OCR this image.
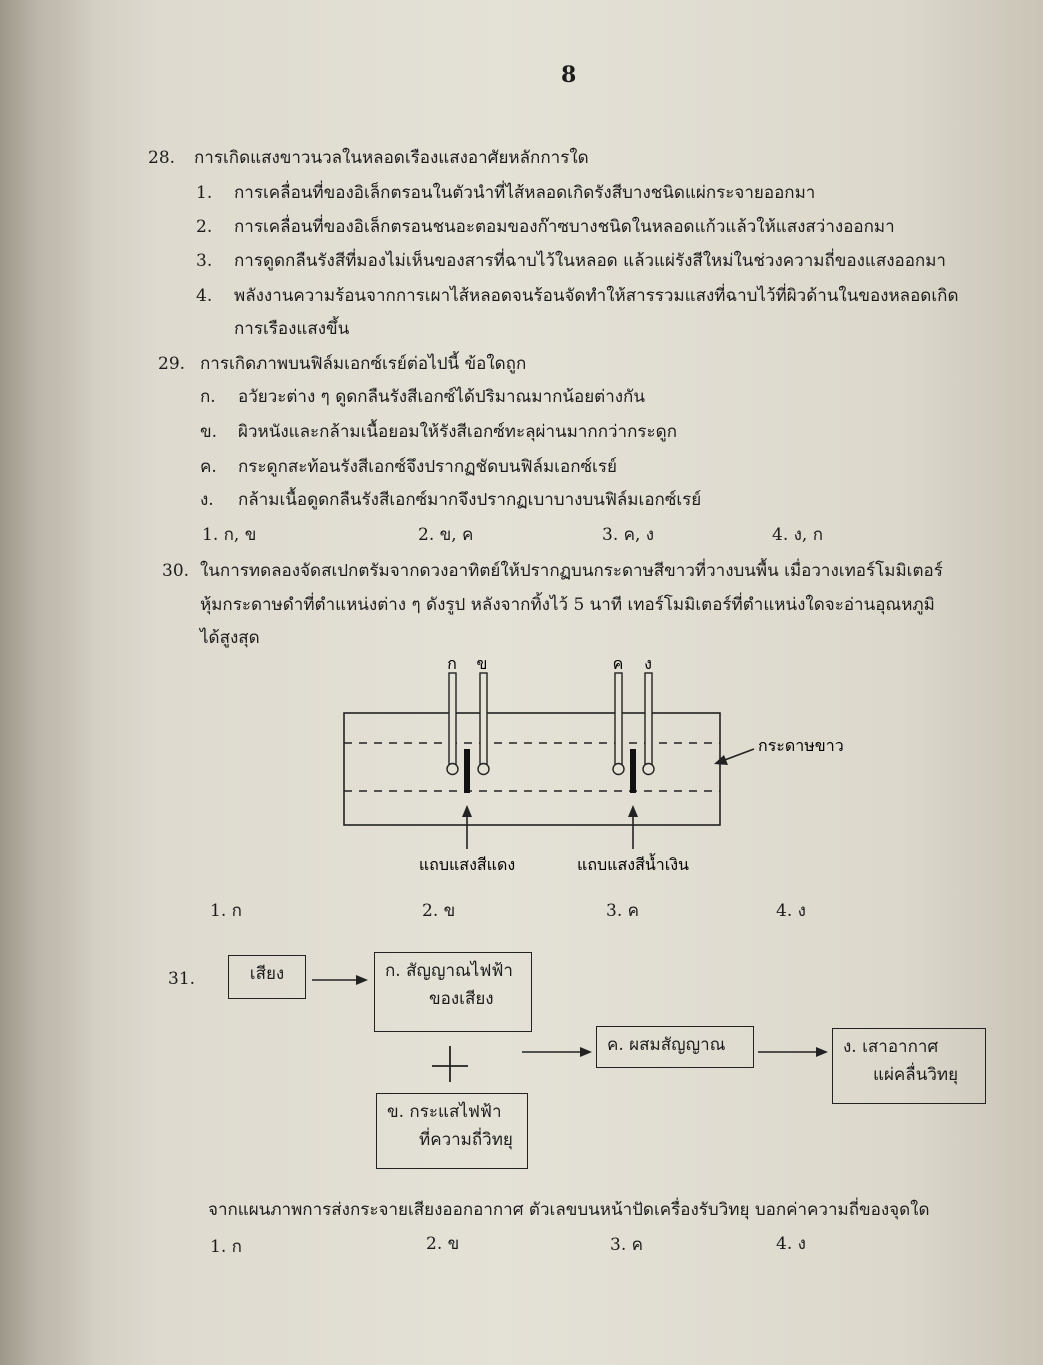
8
28. การเกิดแสงขาวนวลในหลอดเรืองแสงอาศัยหลักการใด
1. การเคลื่อนที่ของอิเล็กตรอนในตัวนำที่ไส้หลอดเกิดรังสีบางชนิดแผ่กระจายออกมา
2. การเคลื่อนที่ของอิเล็กตรอนชนอะตอมของก๊าซบางชนิดในหลอดแก้วแล้วให้แสงสว่างออกมา
3. การดูดกลืนรังสีที่มองไม่เห็นของสารที่ฉาบไว้ในหลอด แล้วแผ่รังสีใหม่ในช่วงความถี่ของแสงออกมา
4. พลังงานความร้อนจากการเผาไส้หลอดจนร้อนจัดทำให้สารรวมแสงที่ฉาบไว้ที่ผิวด้านในของหลอดเกิด
การเรืองแสงขึ้น
29. การเกิดภาพบนฟิล์มเอกซ์เรย์ต่อไปนี้ ข้อใดถูก
ก. อวัยวะต่าง ๆ ดูดกลืนรังสีเอกซ์ได้ปริมาณมากน้อยต่างกัน
ข. ผิวหนังและกล้ามเนื้อยอมให้รังสีเอกซ์ทะลุผ่านมากกว่ากระดูก
ค. กระดูกสะท้อนรังสีเอกซ์จึงปรากฏชัดบนฟิล์มเอกซ์เรย์
ง. กล้ามเนื้อดูดกลืนรังสีเอกซ์มากจึงปรากฏเบาบางบนฟิล์มเอกซ์เรย์
1. ก, ข	2. ข, ค	3. ค, ง	4. ง, ก
30. ในการทดลองจัดสเปกตรัมจากดวงอาทิตย์ให้ปรากฏบนกระดาษสีขาวที่วางบนพื้น เมื่อวางเทอร์โมมิเตอร์
หุ้มกระดาษดำที่ตำแหน่งต่าง ๆ ดังรูป หลังจากทิ้งไว้ 5 นาที เทอร์โมมิเตอร์ที่ตำแหน่งใดจะอ่านอุณหภูมิ
ได้สูงสุด
ก ข	ค ง
กระดาษขาว
แถบแสงสีแดง	แถบแสงสีน้ำเงิน
1. ก	2. ข	3. ค	4. ง
31.	เสียง	ก. สัญญาณไฟฟ้า
ของเสียง
ข. กระแสไฟฟ้า
ที่ความถี่วิทยุ
ค. ผสมสัญญาณ	ง. เสาอากาศ
แผ่คลื่นวิทยุ
จากแผนภาพการส่งกระจายเสียงออกอากาศ ตัวเลขบนหน้าปัดเครื่องรับวิทยุ บอกค่าความถี่ของจุดใด
1. ก	2. ข	3. ค	4. ง
